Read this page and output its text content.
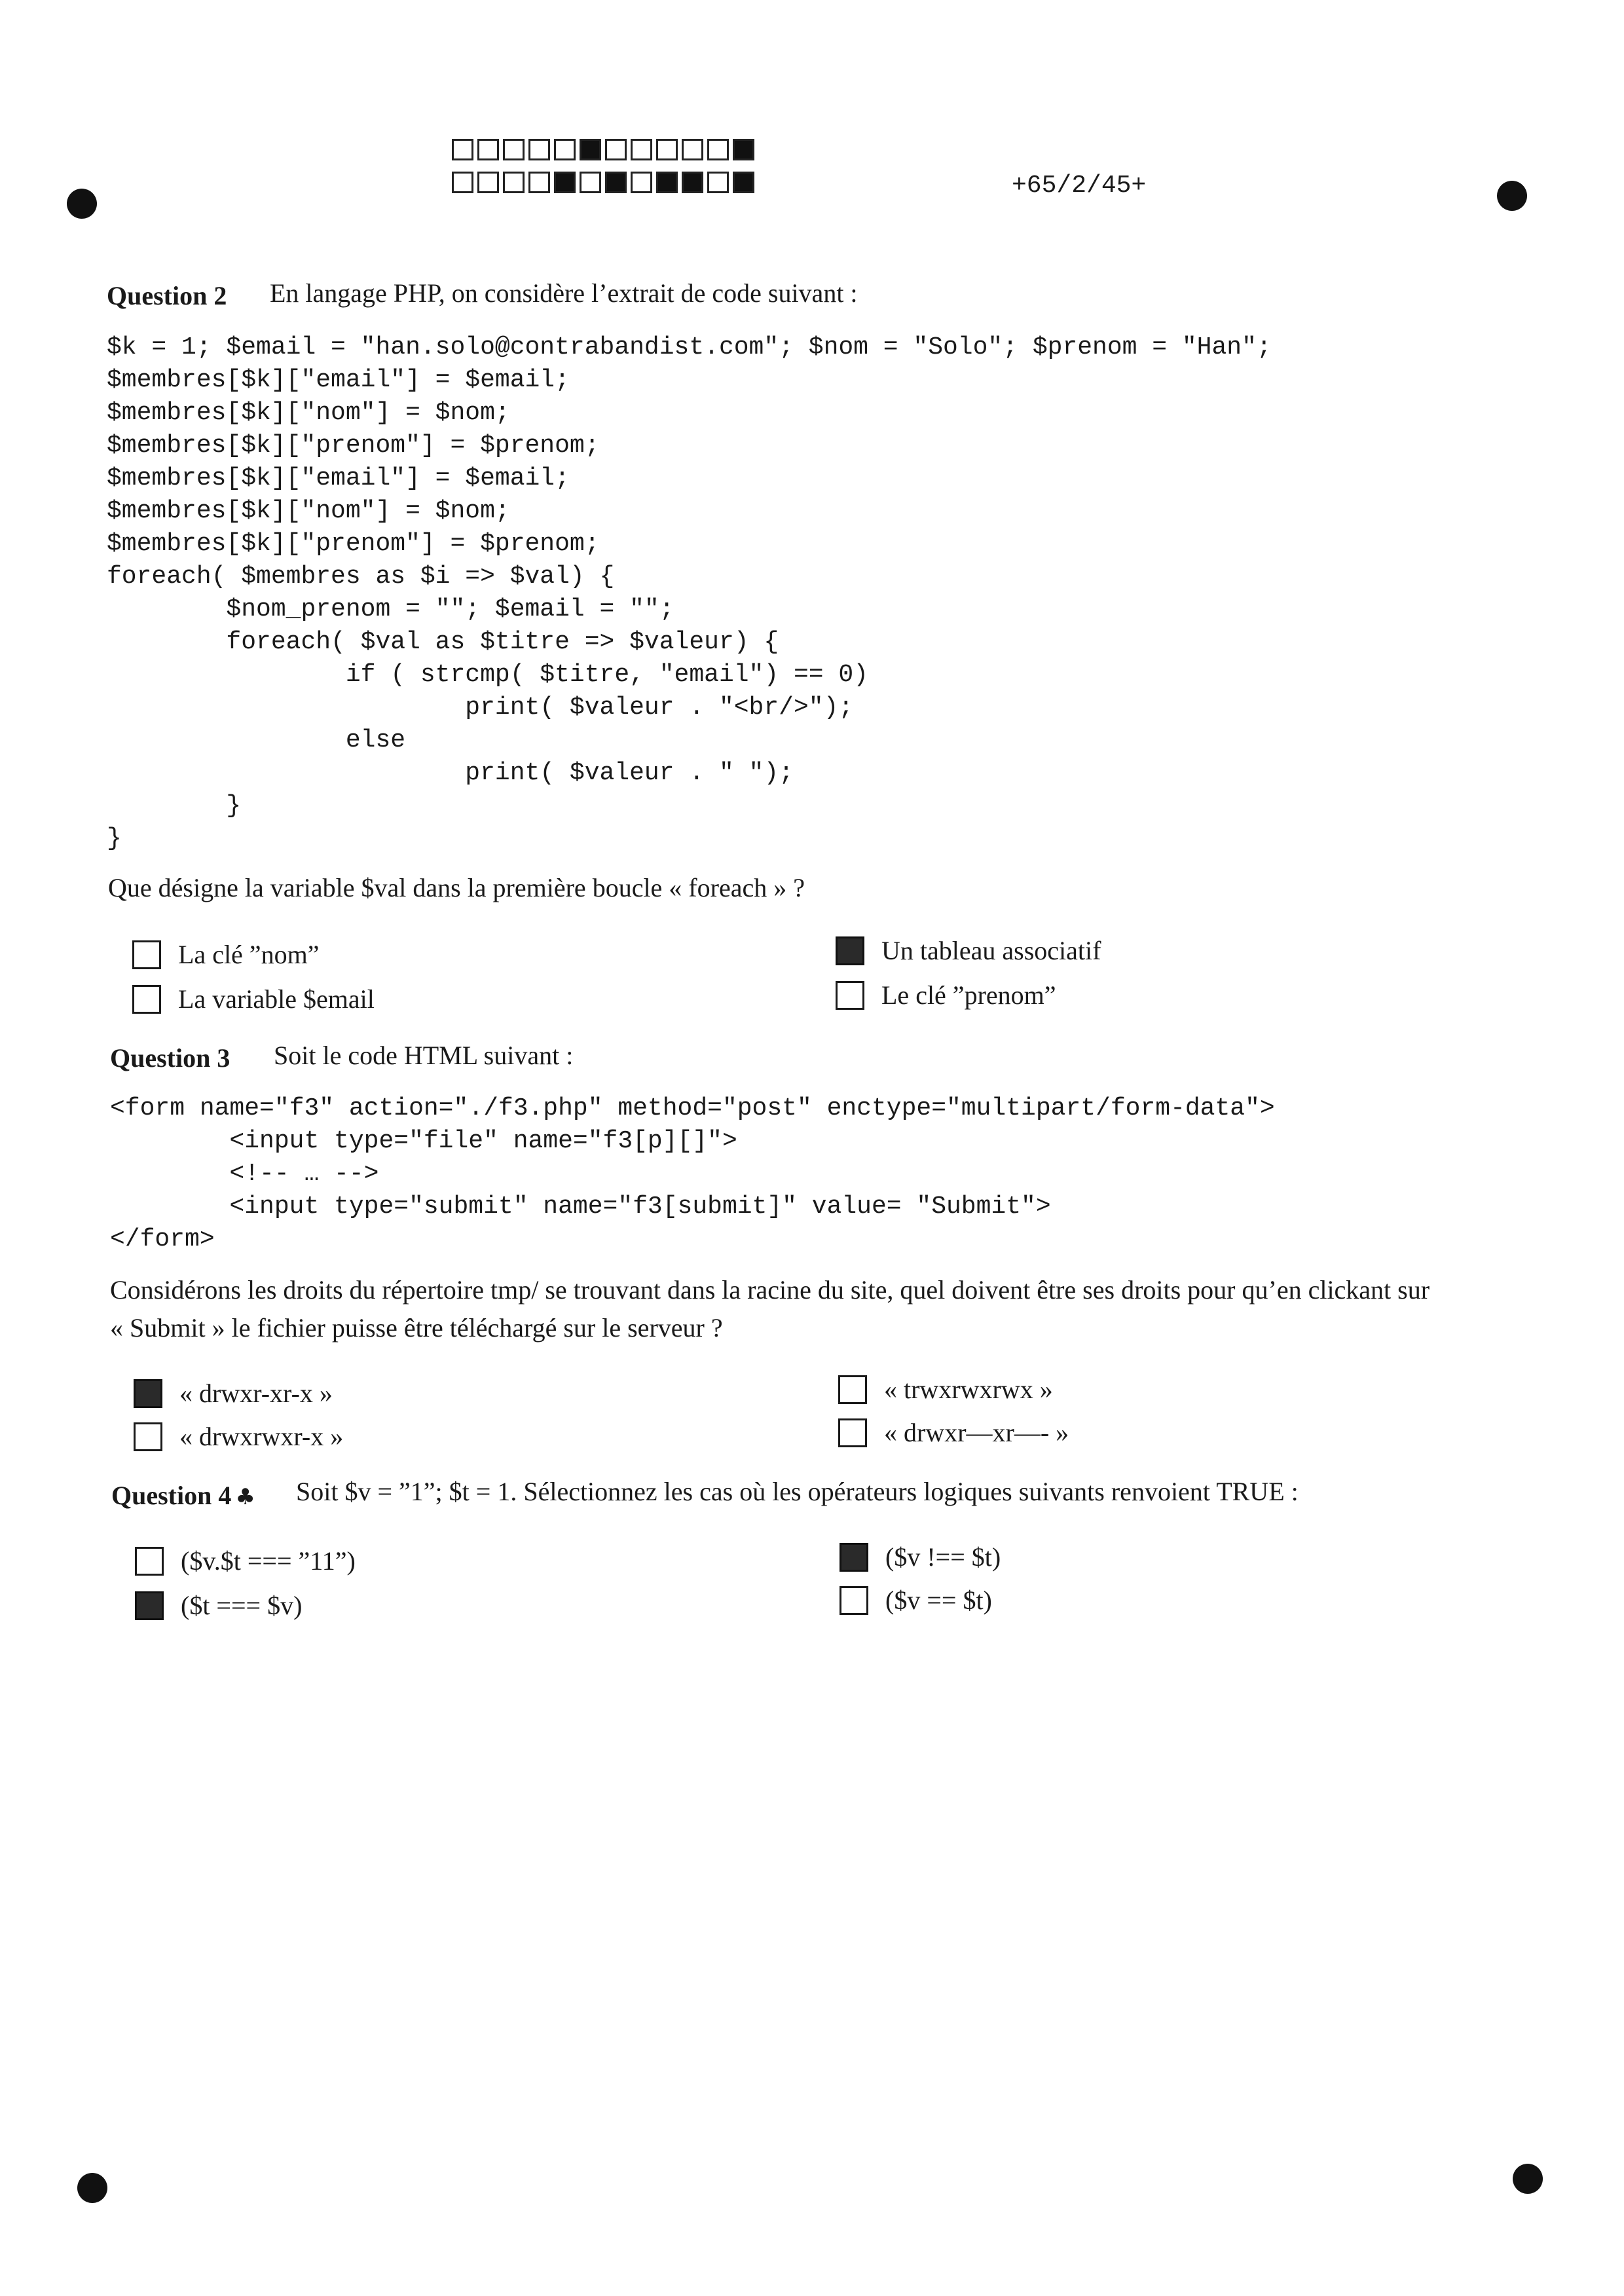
+65/2/45+
Question 2 En langage PHP, on considère l’extrait de code suivant :
$k = 1; $email = "han.solo@contrabandist.com"; $nom = "Solo"; $prenom = "Han";
$membres[$k]["email"] = $email;
$membres[$k]["nom"] = $nom;
$membres[$k]["prenom"] = $prenom;
$membres[$k]["email"] = $email;
$membres[$k]["nom"] = $nom;
$membres[$k]["prenom"] = $prenom;
foreach( $membres as $i => $val) {
$nom_prenom = ""; $email = "";
foreach( $val as $titre => $valeur) {
if ( strcmp( $titre, "email") == 0)
print( $valeur . "<br/>");
else
print( $valeur . " ");
}
}
Que désigne la variable $val dans la première boucle « foreach » ?
La clé ”nom”
La variable $email
Un tableau associatif
Le clé ”prenom”
Question 3 Soit le code HTML suivant :
<form name="f3" action="./f3.php" method="post" enctype="multipart/form-data">
<input type="file" name="f3[p][]">
<!-- … -->
<input type="submit" name="f3[submit]" value= "Submit">
</form>
Considérons les droits du répertoire tmp/ se trouvant dans la racine du site, quel doivent être ses droits pour qu’en clickant sur
« Submit » le fichier puisse être téléchargé sur le serveur ?
« drwxr-xr-x »
« drwxrwxr-x »
« trwxrwxrwx »
« drwxr—xr—- »
Question 4 ♣ Soit $v = ”1”; $t = 1. Sélectionnez les cas où les opérateurs logiques suivants renvoient TRUE :
($v.$t === ”11”)
($t === $v)
($v !== $t)
($v == $t)
